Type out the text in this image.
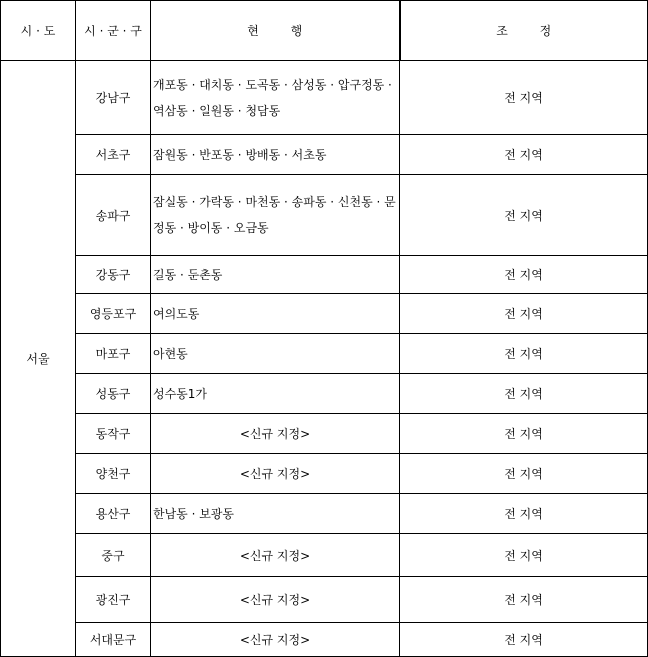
시 · 도	시 · 군 · 구	현 행	조 정
서울	강남구	개포동 · 대치동 · 도곡동 · 삼성동 · 압구정동 · 역삼동 · 일원동 · 청담동	전 지역
	서초구	잠원동 · 반포동 · 방배동 · 서초동	전 지역
	송파구	잠실동 · 가락동 · 마천동 · 송파동 · 신천동 · 문정동 · 방이동 · 오금동	전 지역
	강동구	길동 · 둔촌동	전 지역
	영등포구	여의도동	전 지역
	마포구	아현동	전 지역
	성동구	성수동1가	전 지역
	동작구	<신규 지정>	전 지역
	양천구	<신규 지정>	전 지역
	용산구	한남동 · 보광동	전 지역
	중구	<신규 지정>	전 지역
	광진구	<신규 지정>	전 지역
	서대문구	<신규 지정>	전 지역
